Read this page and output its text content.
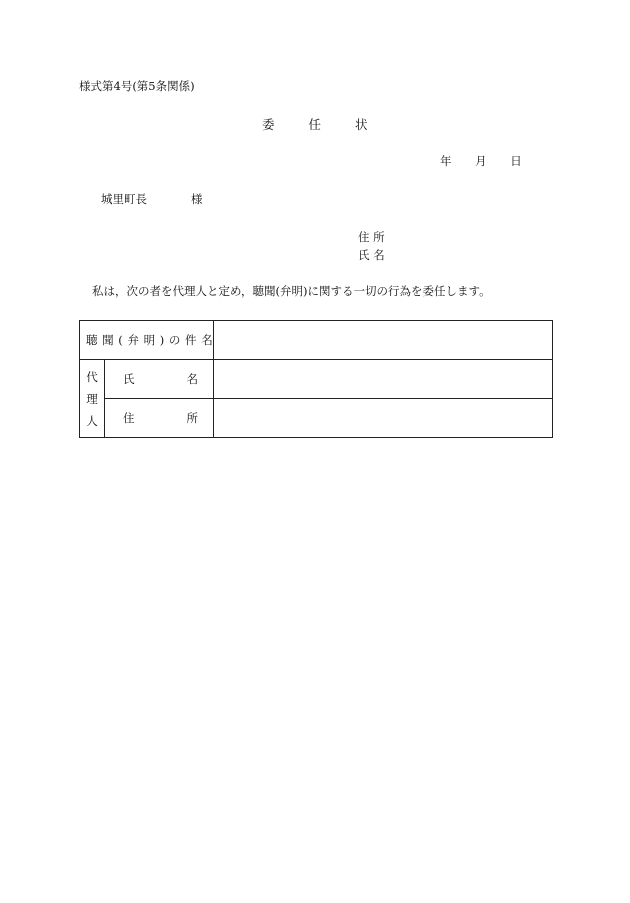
様式第4号(第5条関係)
委 任 状
年 月 日
城里町長	様
住 所
氏 名
私は，次の者を代理人と定め，聴聞(弁明)に関する一切の行為を委任します。
聴 聞 ( 弁 明 ) の 件 名		

代
理
人	氏 名	
	住 所	
